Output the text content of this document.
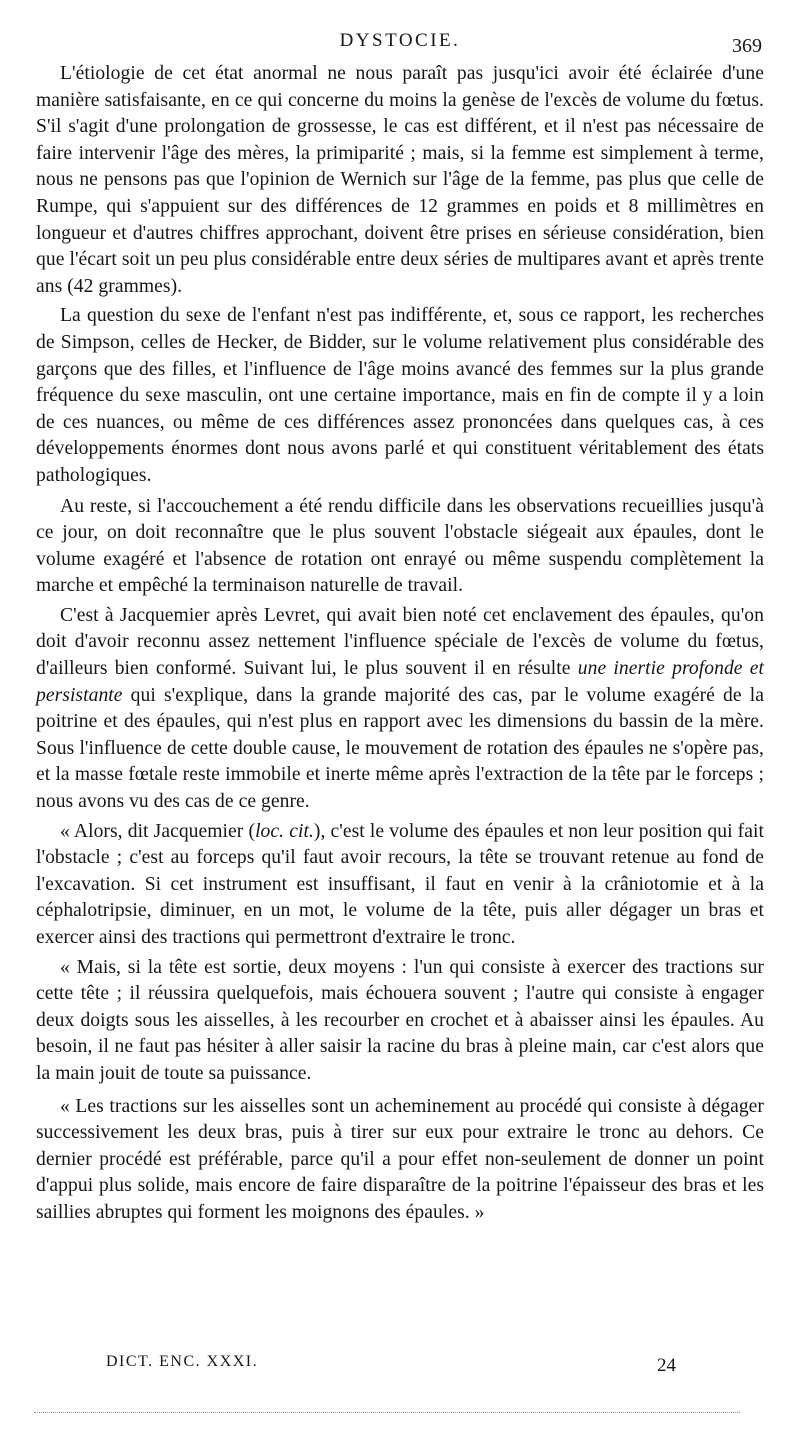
DYSTOCIE.	369

L'étiologie de cet état anormal ne nous paraît pas jusqu'ici avoir été éclairée d'une manière satisfaisante, en ce qui concerne du moins la genèse de l'excès de volume du fœtus. S'il s'agit d'une prolongation de grossesse, le cas est différent, et il n'est pas nécessaire de faire intervenir l'âge des mères, la primiparité ; mais, si la femme est simplement à terme, nous ne pensons pas que l'opinion de Wernich sur l'âge de la femme, pas plus que celle de Rumpe, qui s'appuient sur des différences de 12 grammes en poids et 8 millimètres en longueur et d'autres chiffres approchant, doivent être prises en sérieuse considération, bien que l'écart soit un peu plus considérable entre deux séries de multipares avant et après trente ans (42 grammes).

La question du sexe de l'enfant n'est pas indifférente, et, sous ce rapport, les recherches de Simpson, celles de Hecker, de Bidder, sur le volume relativement plus considérable des garçons que des filles, et l'influence de l'âge moins avancé des femmes sur la plus grande fréquence du sexe masculin, ont une certaine importance, mais en fin de compte il y a loin de ces nuances, ou même de ces différences assez prononcées dans quelques cas, à ces développements énormes dont nous avons parlé et qui constituent véritablement des états pathologiques.

Au reste, si l'accouchement a été rendu difficile dans les observations recueillies jusqu'à ce jour, on doit reconnaître que le plus souvent l'obstacle siégeait aux épaules, dont le volume exagéré et l'absence de rotation ont enrayé ou même suspendu complètement la marche et empêché la terminaison naturelle de travail.

C'est à Jacquemier après Levret, qui avait bien noté cet enclavement des épaules, qu'on doit d'avoir reconnu assez nettement l'influence spéciale de l'excès de volume du fœtus, d'ailleurs bien conformé. Suivant lui, le plus souvent il en résulte une inertie profonde et persistante qui s'explique, dans la grande majorité des cas, par le volume exagéré de la poitrine et des épaules, qui n'est plus en rapport avec les dimensions du bassin de la mère. Sous l'influence de cette double cause, le mouvement de rotation des épaules ne s'opère pas, et la masse fœtale reste immobile et inerte même après l'extraction de la tête par le forceps ; nous avons vu des cas de ce genre.

« Alors, dit Jacquemier (loc. cit.), c'est le volume des épaules et non leur position qui fait l'obstacle ; c'est au forceps qu'il faut avoir recours, la tête se trouvant retenue au fond de l'excavation. Si cet instrument est insuffisant, il faut en venir à la crâniotomie et à la céphalotripsie, diminuer, en un mot, le volume de la tête, puis aller dégager un bras et exercer ainsi des tractions qui permettront d'extraire le tronc.

« Mais, si la tête est sortie, deux moyens : l'un qui consiste à exercer des tractions sur cette tête ; il réussira quelquefois, mais échouera souvent ; l'autre qui consiste à engager deux doigts sous les aisselles, à les recourber en crochet et à abaisser ainsi les épaules. Au besoin, il ne faut pas hésiter à aller saisir la racine du bras à pleine main, car c'est alors que la main jouit de toute sa puissance.

« Les tractions sur les aisselles sont un acheminement au procédé qui consiste à dégager successivement les deux bras, puis à tirer sur eux pour extraire le tronc au dehors. Ce dernier procédé est préférable, parce qu'il a pour effet non-seulement de donner un point d'appui plus solide, mais encore de faire disparaître de la poitrine l'épaisseur des bras et les saillies abruptes qui forment les moignons des épaules. »

DICT. ENC. XXXI.	24
